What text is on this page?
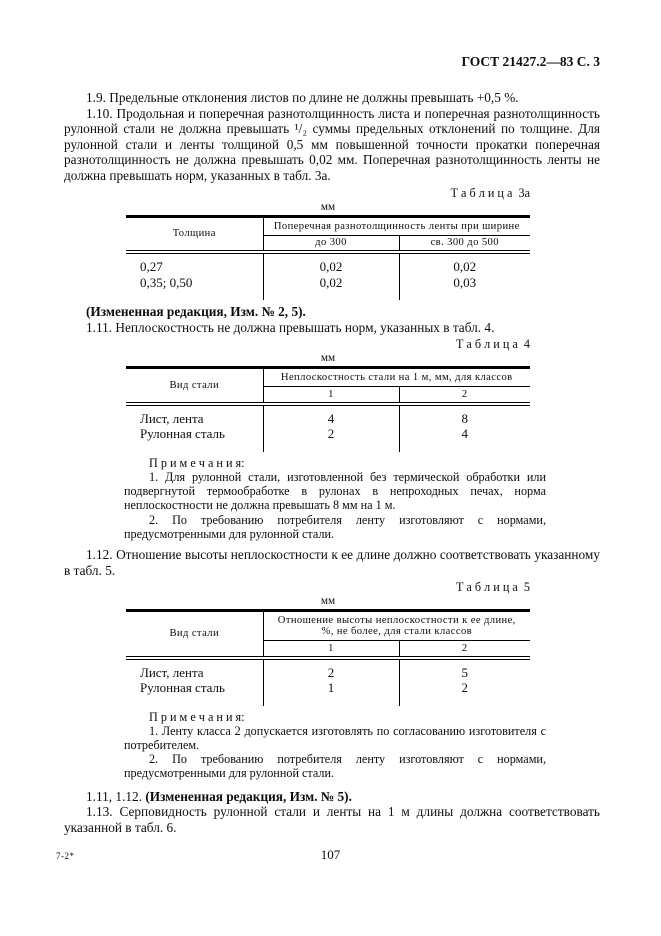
ГОСТ 21427.2—83 С. 3

1.9. Предельные отклонения листов по длине не должны превышать +0,5 %.

1.10. Продольная и поперечная разнотолщинность листа и поперечная разнотолщинность рулонной стали не должна превышать ¹/₂ суммы предельных отклонений по толщине. Для рулонной стали и ленты толщиной 0,5 мм повышенной точности прокатки поперечная разнотолщинность не должна превышать 0,02 мм. Поперечная разнотолщинность ленты не должна превышать норм, указанных в табл. 3а.

Т а б л и ц а  3а
мм
Толщина	Поперечная разнотолщинность ленты при ширине	
	до 300	св. 300 до 500
0,27	0,02	0,02
0,35; 0,50	0,02	0,03

(Измененная редакция, Изм. № 2, 5).

1.11. Неплоскостность не должна превышать норм, указанных в табл. 4.

Т а б л и ц а  4
мм
Вид стали	Неплоскостность стали на 1 м, мм, для классов	
	1	2
Лист, лента	4	8
Рулонная сталь	2	4

П р и м е ч а н и я:

1. Для рулонной стали, изготовленной без термической обработки или подвергнутой термообработке в рулонах в непроходных печах, норма неплоскостности не должна превышать 8 мм на 1 м.

2. По требованию потребителя ленту изготовляют с нормами, предусмотренными для рулонной стали.

1.12. Отношение высоты неплоскостности к ее длине должно соответствовать указанному в табл. 5.

Т а б л и ц а  5
мм
Вид стали	Отношение высоты неплоскостности к ее длине, %, не более, для стали классов	
	1	2
Лист, лента	2	5
Рулонная сталь	1	2

П р и м е ч а н и я:

1. Ленту класса 2 допускается изготовлять по согласованию изготовителя с потребителем.

2. По требованию потребителя ленту изготовляют с нормами, предусмотренными для рулонной стали.

1.11, 1.12. (Измененная редакция, Изм. № 5).

1.13. Серповидность рулонной стали и ленты на 1 м длины должна соответствовать указанной в табл. 6.

7-2*	107
